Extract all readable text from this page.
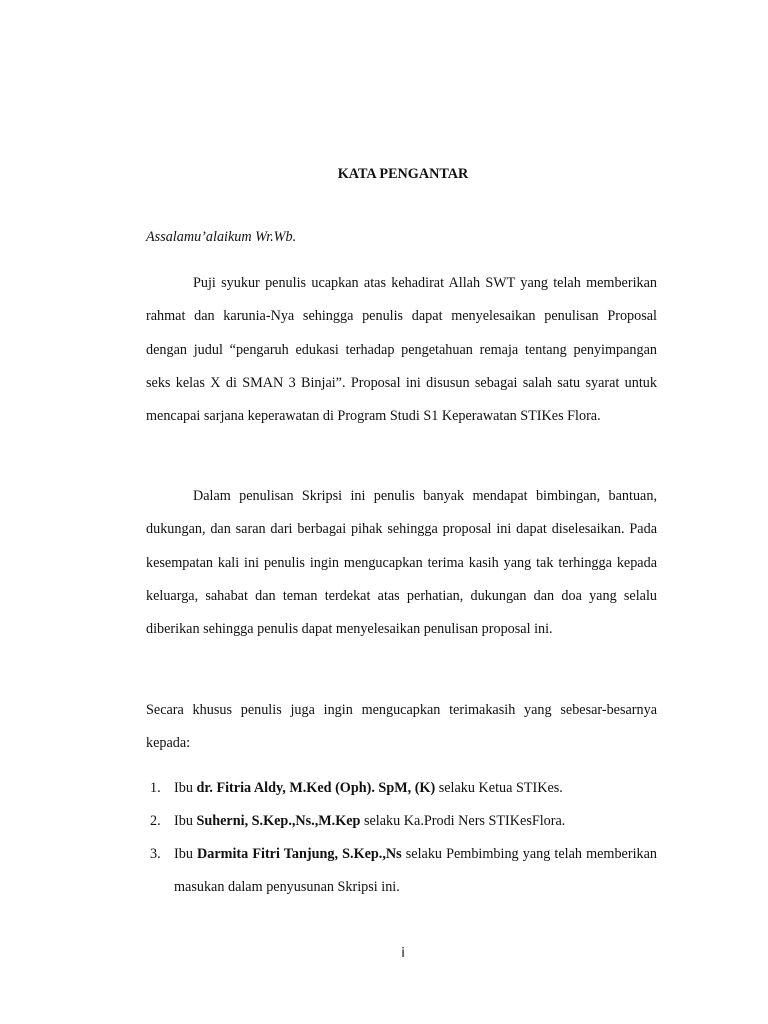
KATA PENGANTAR
Assalamu’alaikum Wr.Wb.

Puji syukur penulis ucapkan atas kehadirat Allah SWT yang telah memberikan rahmat dan karunia-Nya sehingga penulis dapat menyelesaikan penulisan Proposal dengan judul “pengaruh edukasi terhadap pengetahuan remaja tentang penyimpangan seks kelas X di SMAN 3 Binjai”. Proposal ini disusun sebagai salah satu syarat untuk mencapai sarjana keperawatan di Program Studi S1 Keperawatan STIKes Flora.

Dalam penulisan Skripsi ini penulis banyak mendapat bimbingan, bantuan, dukungan, dan saran dari berbagai pihak sehingga proposal ini dapat diselesaikan. Pada kesempatan kali ini penulis ingin mengucapkan terima kasih yang tak terhingga kepada keluarga, sahabat dan teman terdekat atas perhatian, dukungan dan doa yang selalu diberikan sehingga penulis dapat menyelesaikan penulisan proposal ini.

Secara khusus penulis juga ingin mengucapkan terimakasih yang sebesar-besarnya kepada:

1. Ibu dr. Fitria Aldy, M.Ked (Oph). SpM, (K) selaku Ketua STIKes.
2. Ibu Suherni, S.Kep.,Ns.,M.Kep selaku Ka.Prodi Ners STIKesFlora.
3. Ibu Darmita Fitri Tanjung, S.Kep.,Ns selaku Pembimbing yang telah memberikan masukan dalam penyusunan Skripsi ini.
i
